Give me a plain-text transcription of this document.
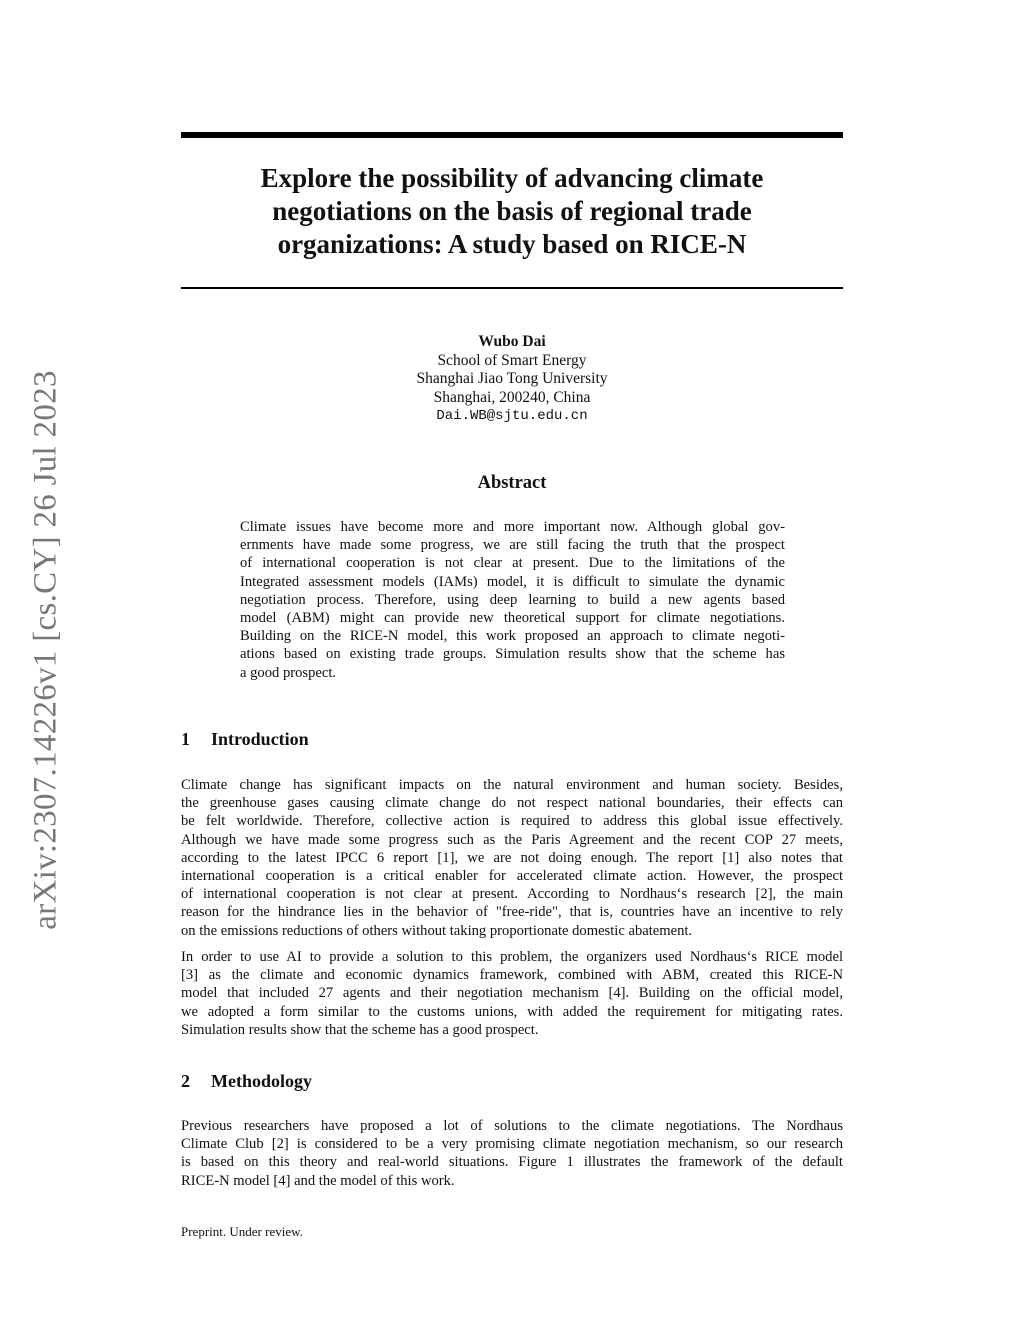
arXiv:2307.14226v1 [cs.CY] 26 Jul 2023
Explore the possibility of advancing climate
negotiations on the basis of regional trade
organizations: A study based on RICE-N
Wubo Dai
School of Smart Energy
Shanghai Jiao Tong University
Shanghai, 200240, China
Dai.WB@sjtu.edu.cn
Abstract
Climate issues have become more and more important now. Although global gov-
ernments have made some progress, we are still facing the truth that the prospect
of international cooperation is not clear at present. Due to the limitations of the
Integrated assessment models (IAMs) model, it is difficult to simulate the dynamic
negotiation process. Therefore, using deep learning to build a new agents based
model (ABM) might can provide new theoretical support for climate negotiations.
Building on the RICE-N model, this work proposed an approach to climate negoti-
ations based on existing trade groups. Simulation results show that the scheme has
a good prospect.
1 Introduction
Climate change has significant impacts on the natural environment and human society. Besides,
the greenhouse gases causing climate change do not respect national boundaries, their effects can
be felt worldwide. Therefore, collective action is required to address this global issue effectively.
Although we have made some progress such as the Paris Agreement and the recent COP 27 meets,
according to the latest IPCC 6 report [1], we are not doing enough. The report [1] also notes that
international cooperation is a critical enabler for accelerated climate action. However, the prospect
of international cooperation is not clear at present. According to Nordhaus‘s research [2], the main
reason for the hindrance lies in the behavior of "free-ride", that is, countries have an incentive to rely
on the emissions reductions of others without taking proportionate domestic abatement.
In order to use AI to provide a solution to this problem, the organizers used Nordhaus‘s RICE model
[3] as the climate and economic dynamics framework, combined with ABM, created this RICE-N
model that included 27 agents and their negotiation mechanism [4]. Building on the official model,
we adopted a form similar to the customs unions, with added the requirement for mitigating rates.
Simulation results show that the scheme has a good prospect.
2 Methodology
Previous researchers have proposed a lot of solutions to the climate negotiations. The Nordhaus
Climate Club [2] is considered to be a very promising climate negotiation mechanism, so our research
is based on this theory and real-world situations. Figure 1 illustrates the framework of the default
RICE-N model [4] and the model of this work.
Preprint. Under review.
